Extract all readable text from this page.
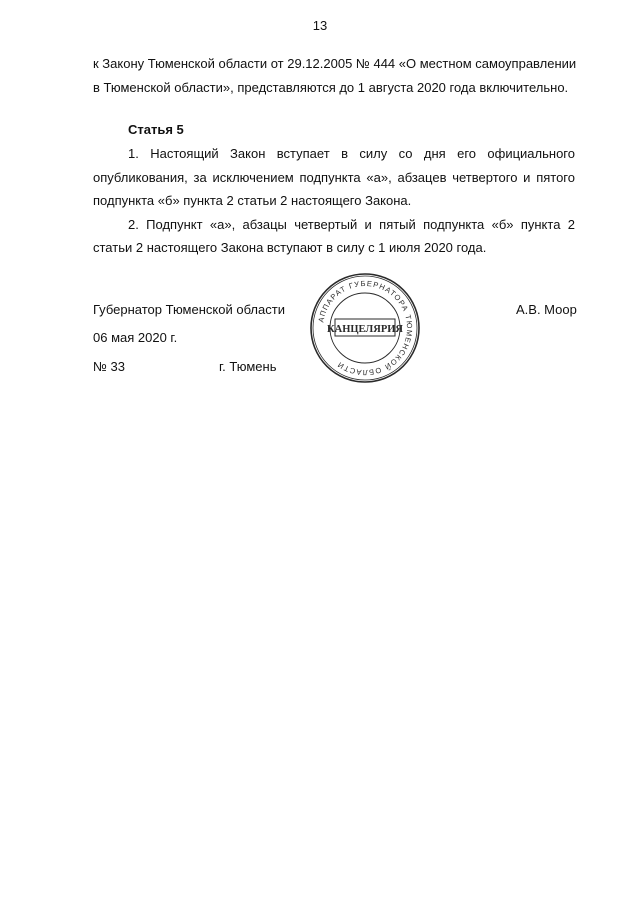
13
к Закону Тюменской области от 29.12.2005 № 444 «О местном самоуправлении
в Тюменской области», представляются до 1 августа 2020 года включительно.
Статья 5
1. Настоящий Закон вступает в силу со дня его официального
опубликования, за исключением подпункта «а», абзацев четвертого и пятого
подпункта «б» пункта 2 статьи 2 настоящего Закона.
2. Подпункт «а», абзацы четвертый и пятый подпункта «б» пункта 2
статьи 2 настоящего Закона вступают в силу с 1 июля 2020 года.
Губернатор Тюменской области	А.В. Моор
06 мая 2020 г.
№ 33	г. Тюмень
АППАРАТ ГУБЕРНАТОРА ТЮМЕНСКОЙ ОБЛАСТИ
КАНЦЕЛЯРИЯ
